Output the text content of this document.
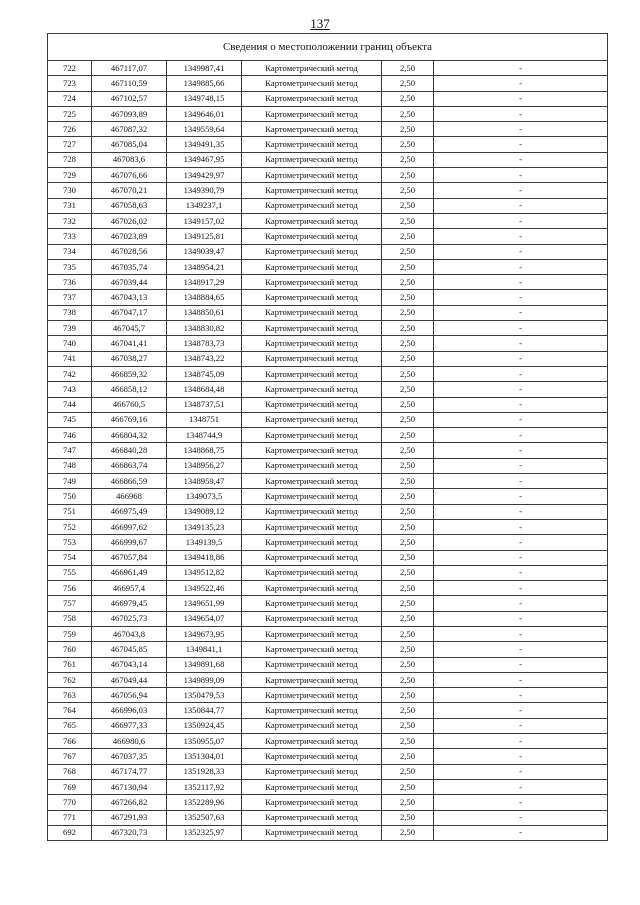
137
Сведения о местоположении границ объекта					
722	467117,07	1349987,41	Картометрический метод	2,50	-
723	467110,59	1349885,66	Картометрический метод	2,50	-
724	467102,57	1349748,15	Картометрический метод	2,50	-
725	467093,89	1349646,01	Картометрический метод	2,50	-
726	467087,32	1349559,64	Картометрический метод	2,50	-
727	467085,04	1349491,35	Картометрический метод	2,50	-
728	467083,6	1349467,95	Картометрический метод	2,50	-
729	467076,66	1349429,97	Картометрический метод	2,50	-
730	467070,21	1349390,79	Картометрический метод	2,50	-
731	467058,63	1349237,1	Картометрический метод	2,50	-
732	467026,02	1349157,02	Картометрический метод	2,50	-
733	467023,89	1349125,81	Картометрический метод	2,50	-
734	467028,56	1349039,47	Картометрический метод	2,50	-
735	467035,74	1348954,21	Картометрический метод	2,50	-
736	467039,44	1348917,29	Картометрический метод	2,50	-
737	467043,13	1348884,65	Картометрический метод	2,50	-
738	467047,17	1348850,61	Картометрический метод	2,50	-
739	467045,7	1348830,82	Картометрический метод	2,50	-
740	467041,41	1348783,73	Картометрический метод	2,50	-
741	467038,27	1348743,22	Картометрический метод	2,50	-
742	466859,32	1348745,09	Картометрический метод	2,50	-
743	466858,12	1348684,48	Картометрический метод	2,50	-
744	466760,5	1348737,51	Картометрический метод	2,50	-
745	466769,16	1348751	Картометрический метод	2,50	-
746	466804,32	1348744,9	Картометрический метод	2,50	-
747	466840,28	1348868,75	Картометрический метод	2,50	-
748	466863,74	1348956,27	Картометрический метод	2,50	-
749	466866,59	1348959,47	Картометрический метод	2,50	-
750	466968	1349073,5	Картометрический метод	2,50	-
751	466975,49	1349089,12	Картометрический метод	2,50	-
752	466997,62	1349135,23	Картометрический метод	2,50	-
753	466999,67	1349139,5	Картометрический метод	2,50	-
754	467057,84	1349418,86	Картометрический метод	2,50	-
755	466961,49	1349512,82	Картометрический метод	2,50	-
756	466957,4	1349522,46	Картометрический метод	2,50	-
757	466979,45	1349651,99	Картометрический метод	2,50	-
758	467025,73	1349654,07	Картометрический метод	2,50	-
759	467043,8	1349673,95	Картометрический метод	2,50	-
760	467045,85	1349841,1	Картометрический метод	2,50	-
761	467043,14	1349891,68	Картометрический метод	2,50	-
762	467049,44	1349899,09	Картометрический метод	2,50	-
763	467056,94	1350479,53	Картометрический метод	2,50	-
764	466996,03	1350844,77	Картометрический метод	2,50	-
765	466977,33	1350924,45	Картометрический метод	2,50	-
766	466980,6	1350955,07	Картометрический метод	2,50	-
767	467037,35	1351304,01	Картометрический метод	2,50	-
768	467174,77	1351928,33	Картометрический метод	2,50	-
769	467130,94	1352117,92	Картометрический метод	2,50	-
770	467266,82	1352289,96	Картометрический метод	2,50	-
771	467291,93	1352507,63	Картометрический метод	2,50	-
692	467320,73	1352325,97	Картометрический метод	2,50	-
